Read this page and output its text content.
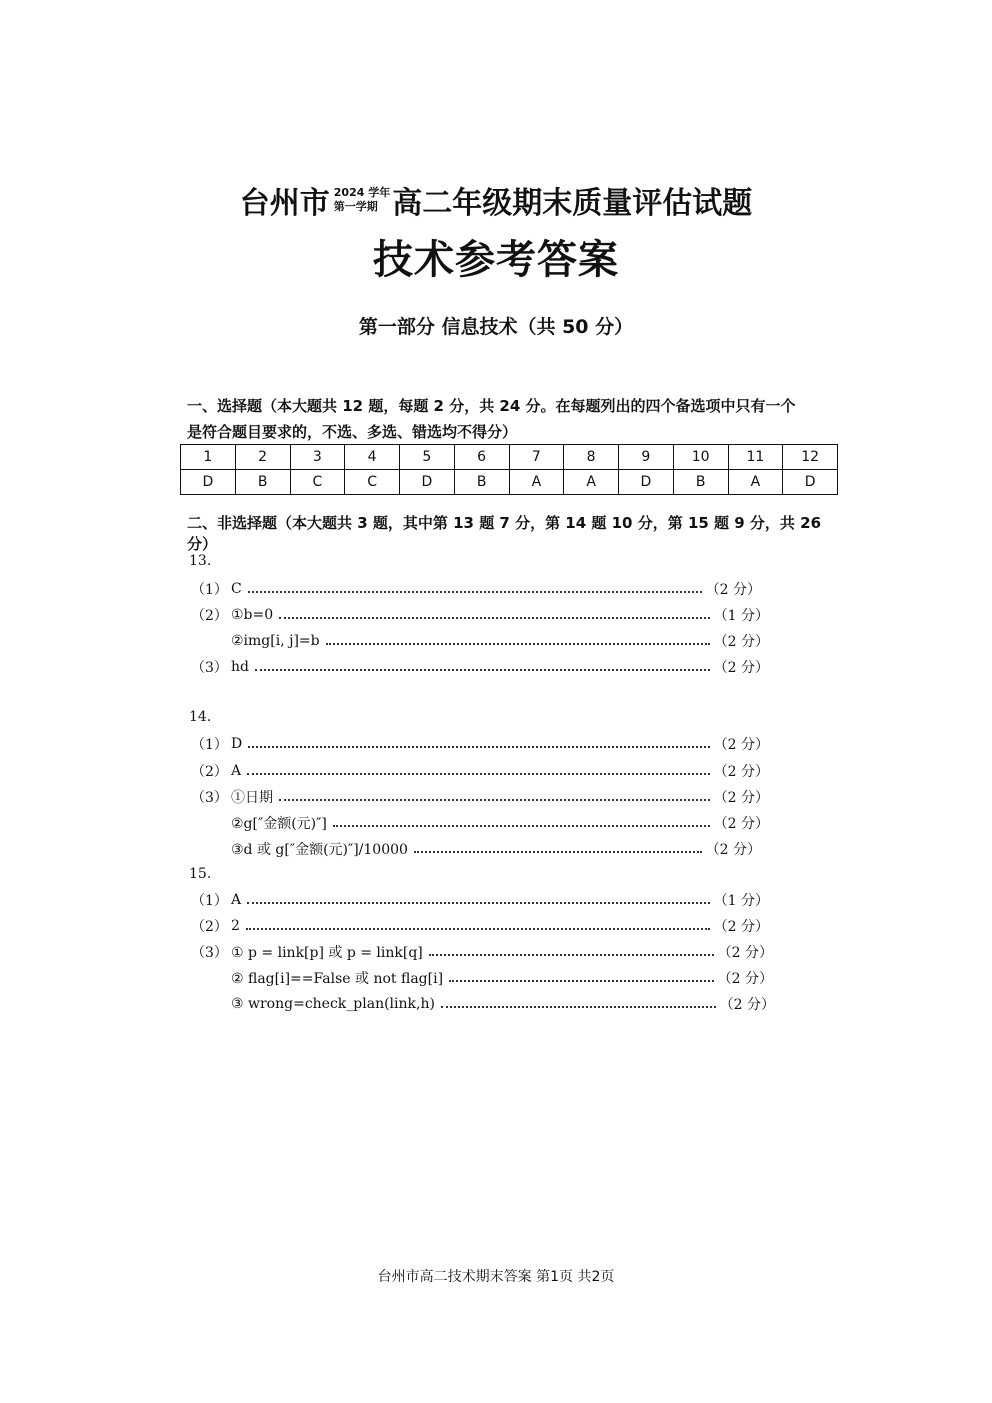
台州市 2024 学年
第一学期 高二年级期末质量评估试题
技术参考答案
第一部分 信息技术（共 50 分）
一、选择题（本大题共 12 题，每题 2 分，共 24 分。在每题列出的四个备选项中只有一个
是符合题目要求的，不选、多选、错选均不得分）
1	2	3	4	5	6	7	8	9	10	11	12
D	B	C	C	D	B	A	A	D	B	A	D
二、非选择题（本大题共 3 题，其中第 13 题 7 分，第 14 题 10 分，第 15 题 9 分，共 26 分）
13.
（1） C	（2 分）
（2） ①b=0	（1 分）
②img[i, j]=b	（2 分）
（3） hd	（2 分）
14.
（1） D	（2 分）
（2） A	（2 分）
（3） ①日期	（2 分）
②g[″金额(元)″]	（2 分）
③d 或 g[″金额(元)″]/10000	（2 分）
15.
（1） A	（1 分）
（2） 2	（2 分）
（3） ① p = link[p] 或 p = link[q]	（2 分）
② flag[i]==False 或 not flag[i]	（2 分）
③ wrong=check_plan(link,h)	（2 分）
台州市高二技术期末答案 第1页 共2页
